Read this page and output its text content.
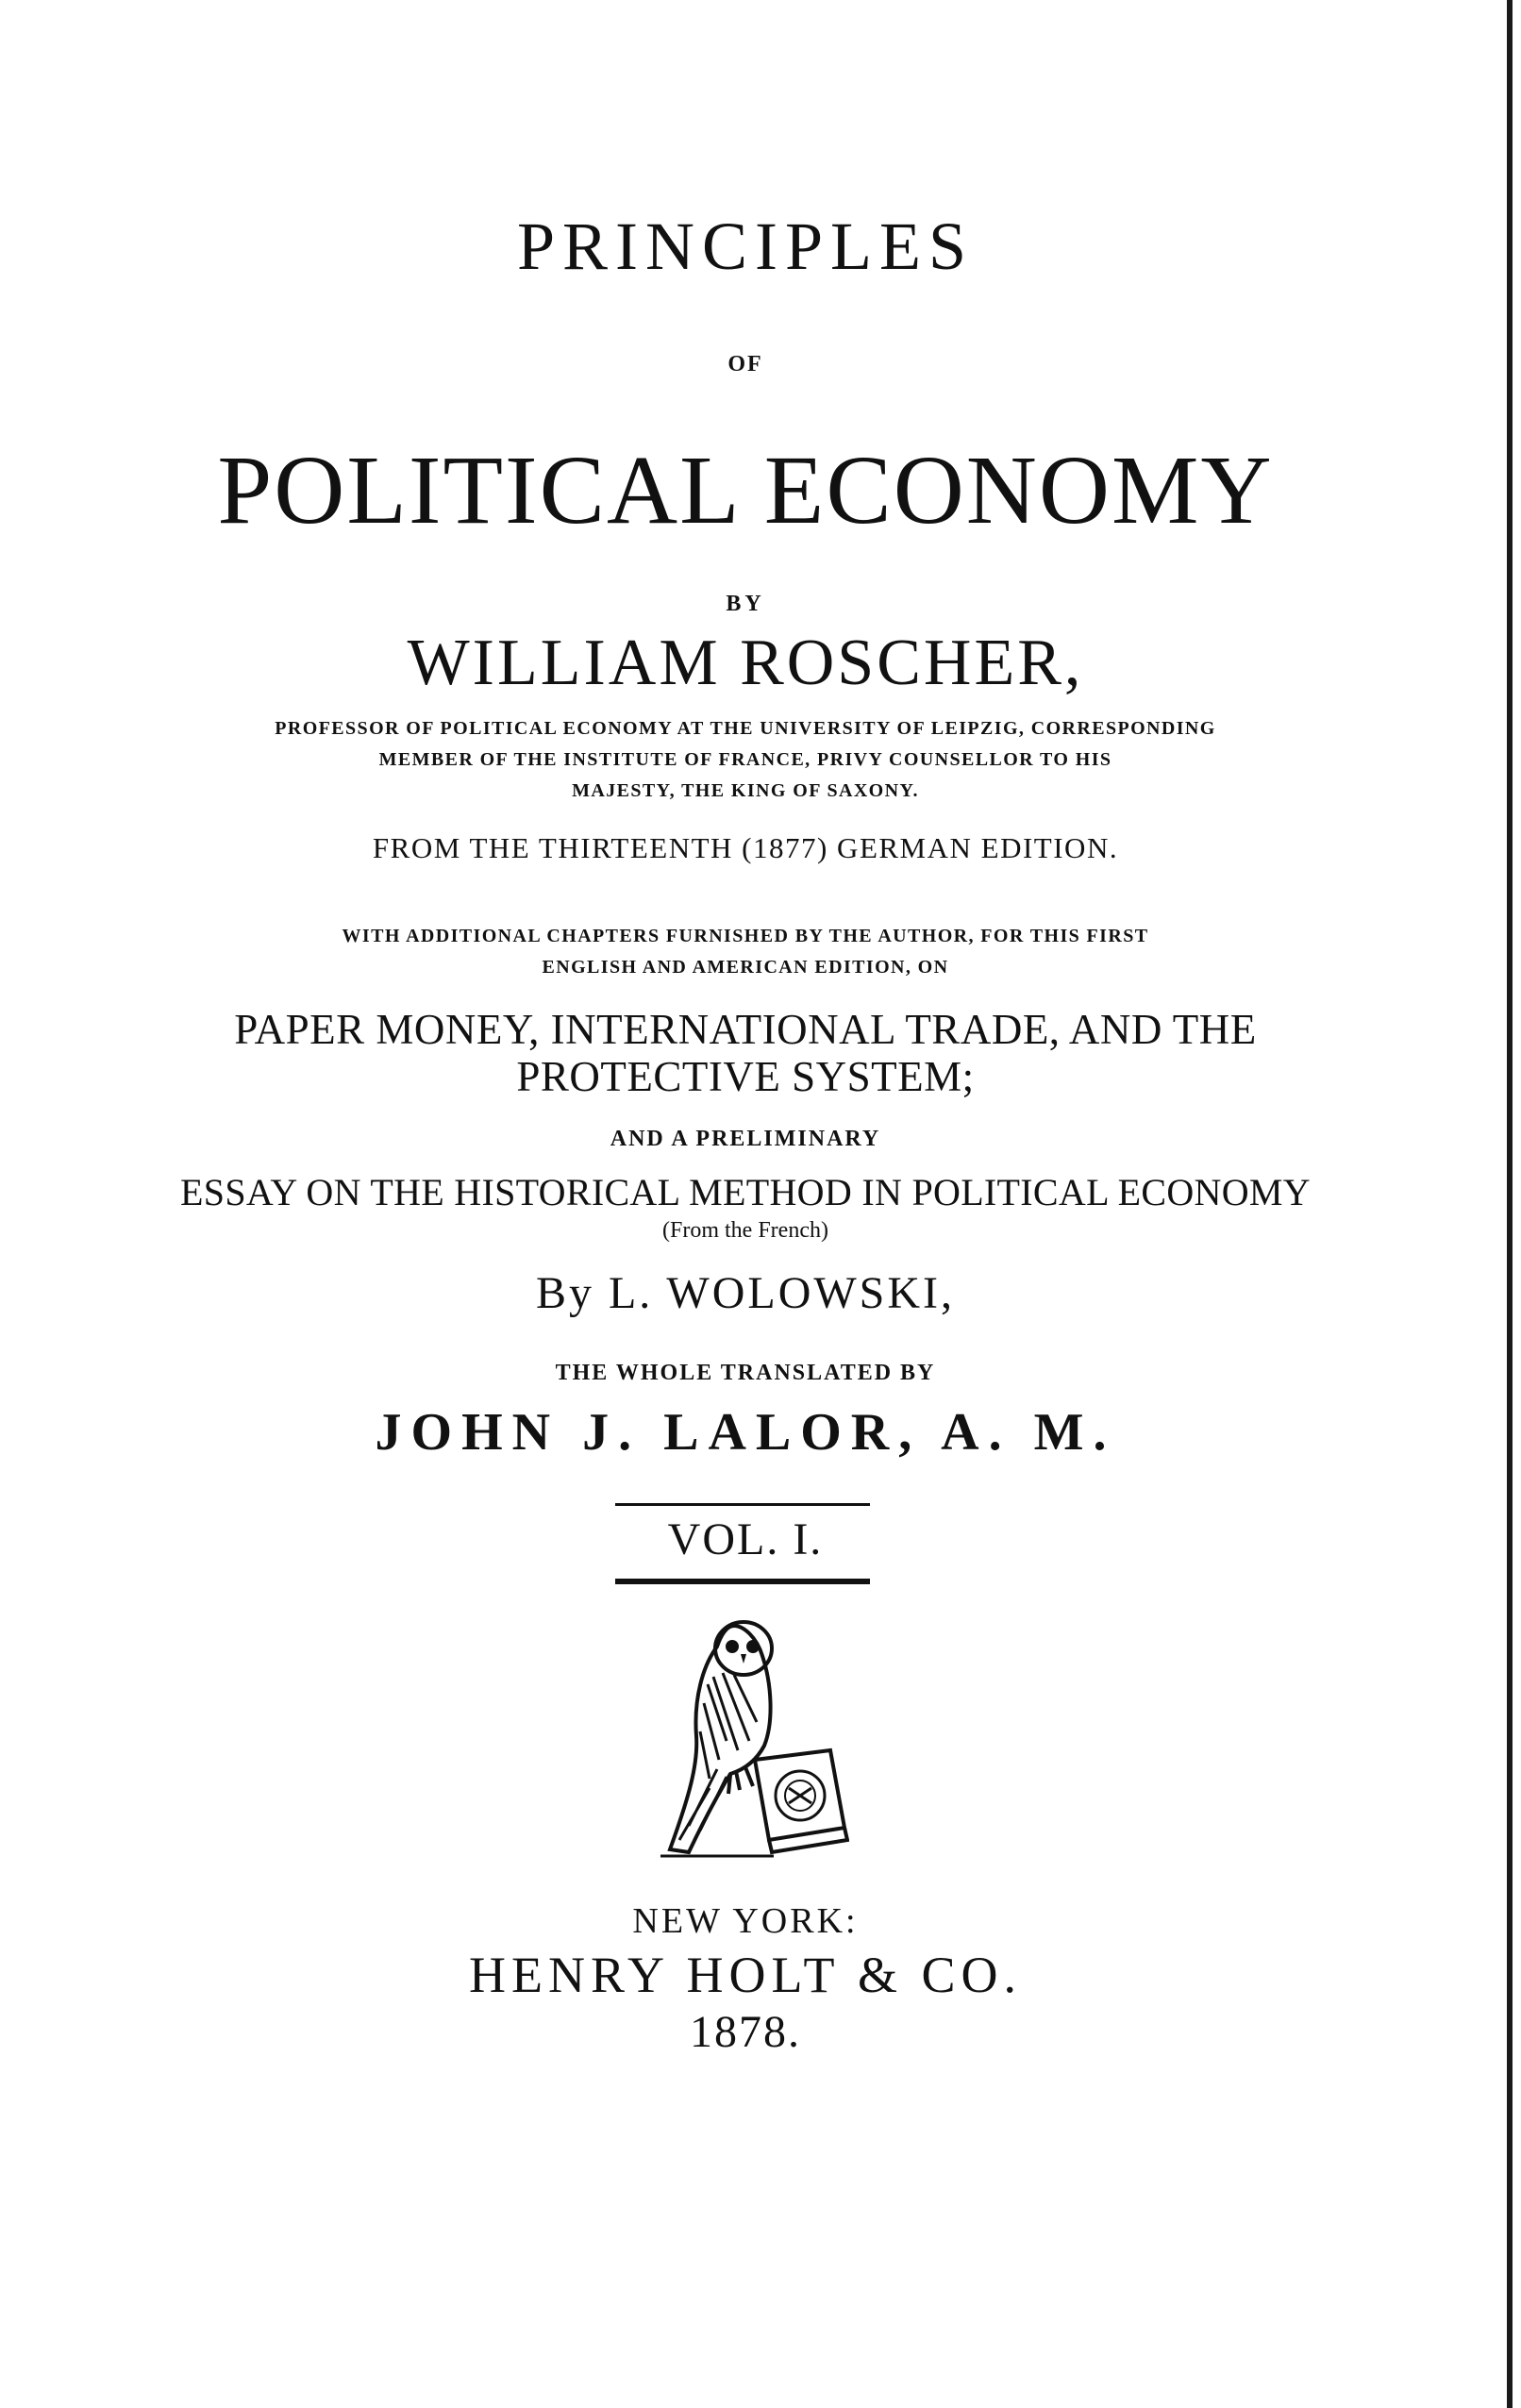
PRINCIPLES
OF
POLITICAL ECONOMY
BY
WILLIAM ROSCHER,
PROFESSOR OF POLITICAL ECONOMY AT THE UNIVERSITY OF LEIPZIG, CORRESPONDING
MEMBER OF THE INSTITUTE OF FRANCE, PRIVY COUNSELLOR TO HIS
MAJESTY, THE KING OF SAXONY.
FROM THE THIRTEENTH (1877) GERMAN EDITION.
WITH ADDITIONAL CHAPTERS FURNISHED BY THE AUTHOR, FOR THIS FIRST
ENGLISH AND AMERICAN EDITION, ON
PAPER MONEY, INTERNATIONAL TRADE, AND THE
PROTECTIVE SYSTEM;
AND A PRELIMINARY
ESSAY ON THE HISTORICAL METHOD IN POLITICAL ECONOMY
(From the French)
By L. WOLOWSKI,
THE WHOLE TRANSLATED BY
JOHN J. LALOR, A. M.
VOL. I.
NEW YORK:
HENRY HOLT & CO.
1878.
